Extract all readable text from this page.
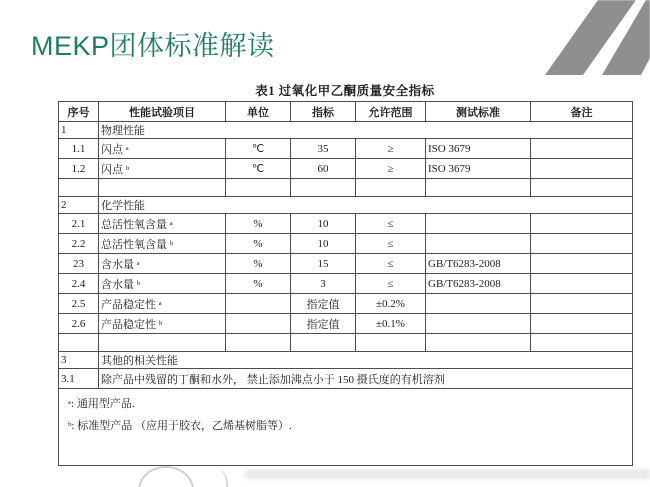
MEKP团体标准解读
表1 过氧化甲乙酮质量安全指标
序号	性能试验项目	单位	指标	允许范围	测试标准	备注
1	物理性能					
1.1	闪点 ᵃ	℃	35	≥	ISO 3679	
1.2	闪点 ᵇ	℃	60	≥	ISO 3679	

2	化学性能					
2.1	总活性氧含量 ᵃ	%	10	≤		
2.2	总活性氧含量 ᵇ	%	10	≤		
23	含水量 ᵃ	%	15	≤	GB/T6283-2008	
2.4	含水量 ᵇ	%	3	≤	GB/T6283-2008	
2.5	产品稳定性 ᵃ		指定值	±0.2%		
2.6	产品稳定性 ᵇ		指定值	±0.1%		

3	其他的相关性能					
3.1	除产品中残留的丁酮和水外， 禁止添加沸点小于 150 摄氏度的有机溶剂					

ᵃ: 通用型产品.
ᵇ: 标准型产品 （应用于胶衣，乙烯基树脂等）.						
